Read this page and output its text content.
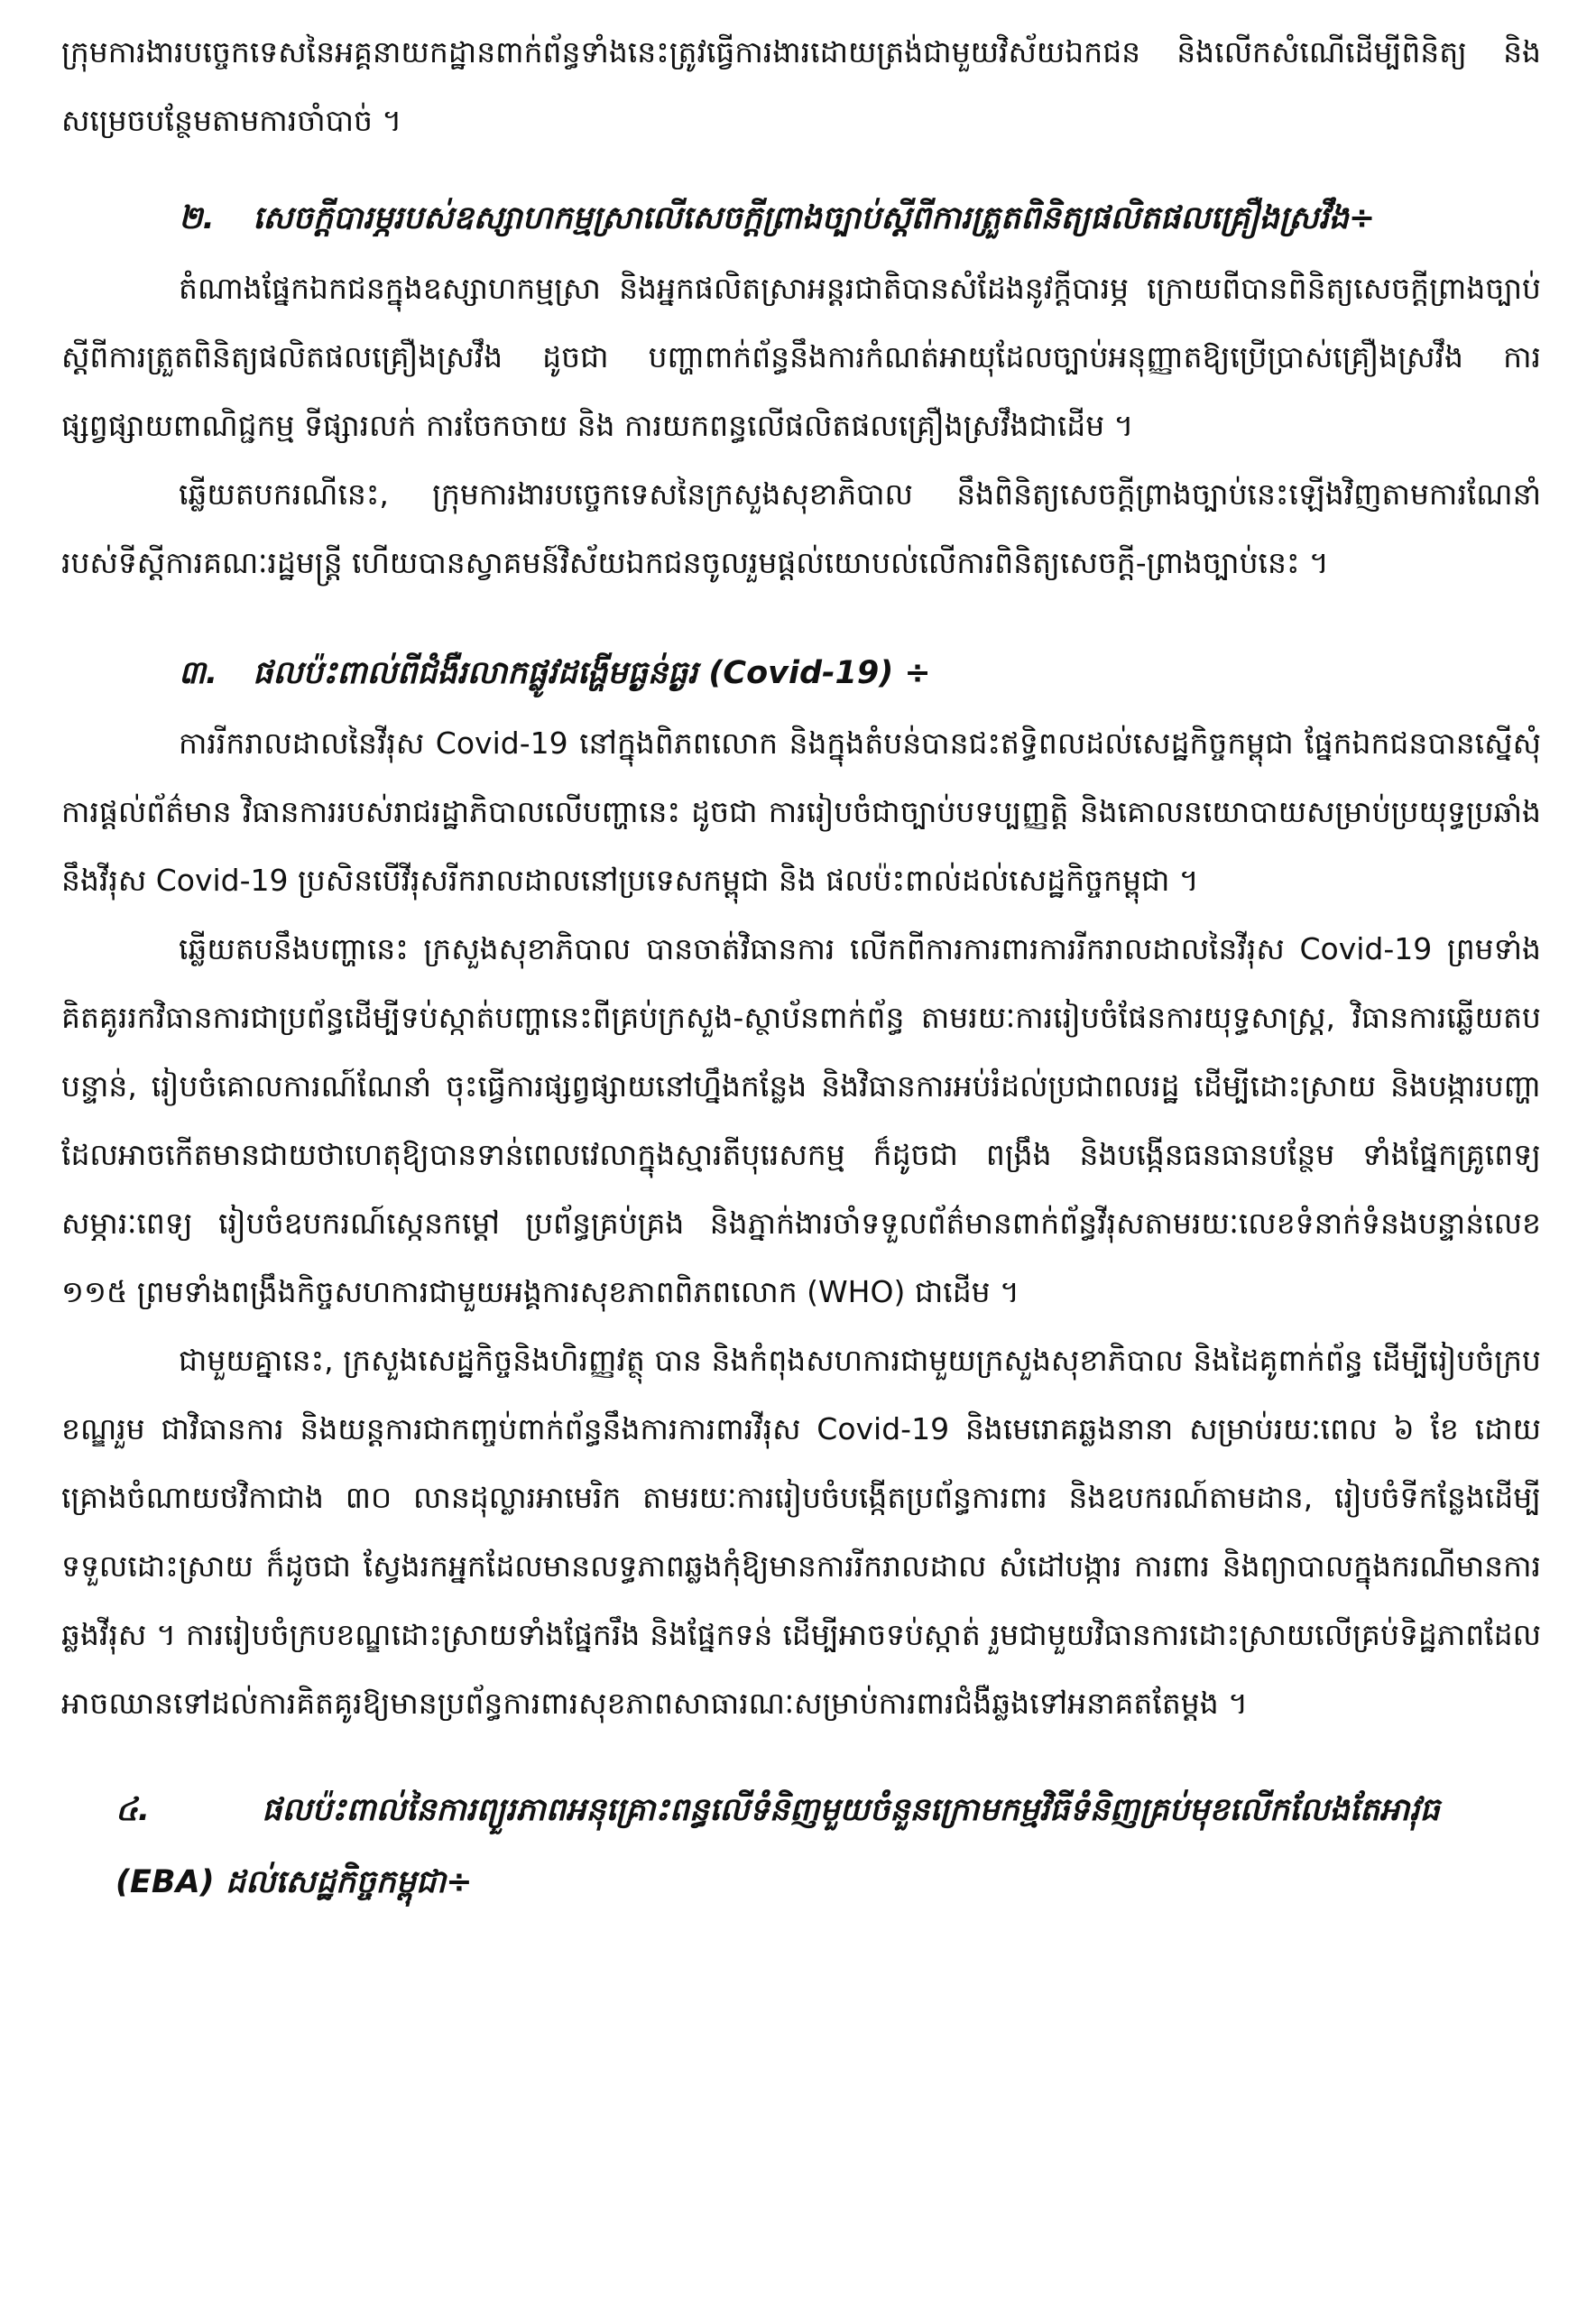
ក្រុមការងារបច្ចេកទេសនៃអគ្គនាយកដ្ឋានពាក់ព័ន្ធទាំងនេះត្រូវធ្វើការងារដោយត្រង់ជាមួយវិស័យឯកជន និងលើកសំណើដើម្បីពិនិត្យ និងសម្រេចបន្ថែមតាមការចាំបាច់ ។

២. សេចក្ដីបារម្ភរបស់ឧស្សាហកម្មស្រាលើសេចក្ដីព្រាងច្បាប់ស្ដីពីការត្រួតពិនិត្យផលិតផលគ្រឿងស្រវឹង÷

តំណាងផ្នែកឯកជនក្នុងឧស្សាហកម្មស្រា និងអ្នកផលិតស្រាអន្តរជាតិបានសំដែងនូវក្ដីបារម្ភ ក្រោយពីបានពិនិត្យសេចក្ដីព្រាងច្បាប់ស្ដីពីការត្រួតពិនិត្យផលិតផលគ្រឿងស្រវឹង ដូចជា បញ្ហាពាក់ព័ន្ធនឹងការកំណត់អាយុដែលច្បាប់អនុញ្ញាតឱ្យប្រើប្រាស់គ្រឿងស្រវឹង ការផ្សព្វផ្សាយពាណិជ្ជកម្ម ទីផ្សារលក់ ការចែកចាយ និង ការយកពន្ធលើផលិតផលគ្រឿងស្រវឹងជាដើម ។

ឆ្លើយតបករណីនេះ, ក្រុមការងារបច្ចេកទេសនៃក្រសួងសុខាភិបាល នឹងពិនិត្យសេចក្ដីព្រាងច្បាប់នេះឡើងវិញតាមការណែនាំរបស់ទីស្ដីការគណៈរដ្ឋមន្ត្រី ហើយបានស្វាគមន៍វិស័យឯកជនចូលរួមផ្ដល់យោបល់លើការពិនិត្យសេចក្ដី-ព្រាងច្បាប់នេះ ។

៣. ផលប៉ះពាល់ពីជំងឺរលាកផ្លូវដង្ហើមធ្ងន់ធ្ងរ (Covid-19) ÷

ការរីករាលដាលនៃវីរុស Covid-19 នៅក្នុងពិភពលោក និងក្នុងតំបន់បានជះឥទ្ធិពលដល់សេដ្ឋកិច្ចកម្ពុជា ផ្នែកឯកជនបានស្នើសុំការផ្ដល់ព័ត៌មាន វិធានការរបស់រាជរដ្ឋាភិបាលលើបញ្ហានេះ ដូចជា ការរៀបចំជាច្បាប់បទប្បញ្ញត្តិ និងគោលនយោបាយសម្រាប់ប្រយុទ្ធប្រឆាំងនឹងវីរុស Covid-19 ប្រសិនបើវីរុសរីករាលដាលនៅប្រទេសកម្ពុជា និង ផលប៉ះពាល់ដល់សេដ្ឋកិច្ចកម្ពុជា ។

ឆ្លើយតបនឹងបញ្ហានេះ ក្រសួងសុខាភិបាល បានចាត់វិធានការ លើកពីការការពារការរីករាលដាលនៃវីរុស Covid-19 ព្រមទាំងគិតគូររកវិធានការជាប្រព័ន្ធដើម្បីទប់ស្កាត់បញ្ហានេះពីគ្រប់ក្រសួង-ស្ថាប័នពាក់ព័ន្ធ តាមរយៈការរៀបចំផែនការយុទ្ធសាស្ត្រ, វិធានការឆ្លើយតបបន្ទាន់, រៀបចំគោលការណ៍ណែនាំ ចុះធ្វើការផ្សព្វផ្សាយនៅហ្នឹងកន្លែង និងវិធានការអប់រំដល់ប្រជាពលរដ្ឋ ដើម្បីដោះស្រាយ និងបង្ការបញ្ហាដែលអាចកើតមានជាយថាហេតុឱ្យបានទាន់ពេលវេលាក្នុងស្មារតីបុរេសកម្ម ក៏ដូចជា ពង្រឹង និងបង្កើនធនធានបន្ថែម ទាំងផ្នែកគ្រូពេទ្យ សម្ភារៈពេទ្យ រៀបចំឧបករណ៍ស្កេនកម្ដៅ ប្រព័ន្ធគ្រប់គ្រង និងភ្នាក់ងារចាំទទួលព័ត៌មានពាក់ព័ន្ធវីរុសតាមរយៈលេខទំនាក់ទំនងបន្ទាន់លេខ ១១៥ ព្រមទាំងពង្រឹងកិច្ចសហការជាមួយអង្គការសុខភាពពិភពលោក (WHO) ជាដើម ។

ជាមួយគ្នានេះ, ក្រសួងសេដ្ឋកិច្ចនិងហិរញ្ញវត្ថុ បាន និងកំពុងសហការជាមួយក្រសួងសុខាភិបាល និងដៃគូពាក់ព័ន្ធ ដើម្បីរៀបចំក្របខណ្ឌរួម ជាវិធានការ និងយន្តការជាកញ្ចប់ពាក់ព័ន្ធនឹងការការពារវីរុស Covid-19 និងមេរោគឆ្លងនានា សម្រាប់រយៈពេល ៦ ខែ ដោយគ្រោងចំណាយថវិកាជាង ៣០ លានដុល្លារអាមេរិក តាមរយៈការរៀបចំបង្កើតប្រព័ន្ធការពារ និងឧបករណ៍តាមដាន, រៀបចំទីកន្លែងដើម្បីទទួលដោះស្រាយ ក៏ដូចជា ស្វែងរកអ្នកដែលមានលទ្ធភាពឆ្លងកុំឱ្យមានការរីករាលដាល សំដៅបង្ការ ការពារ និងព្យាបាលក្នុងករណីមានការឆ្លងវីរុស ។ ការរៀបចំក្របខណ្ឌដោះស្រាយទាំងផ្នែករឹង និងផ្នែកទន់ ដើម្បីអាចទប់ស្កាត់ រួមជាមួយវិធានការដោះស្រាយលើគ្រប់ទិដ្ឋភាពដែលអាចឈានទៅដល់ការគិតគូរឱ្យមានប្រព័ន្ធការពារសុខភាពសាធារណៈសម្រាប់ការពារជំងឺឆ្លងទៅអនាគតតែម្ដង ។

៤.	ផលប៉ះពាល់នៃការព្យួរភាពអនុគ្រោះពន្ធលើទំនិញមួយចំនួនក្រោមកម្មវិធីទំនិញគ្រប់មុខលើកលែងតែអាវុធ

(EBA) ដល់សេដ្ឋកិច្ចកម្ពុជា÷
